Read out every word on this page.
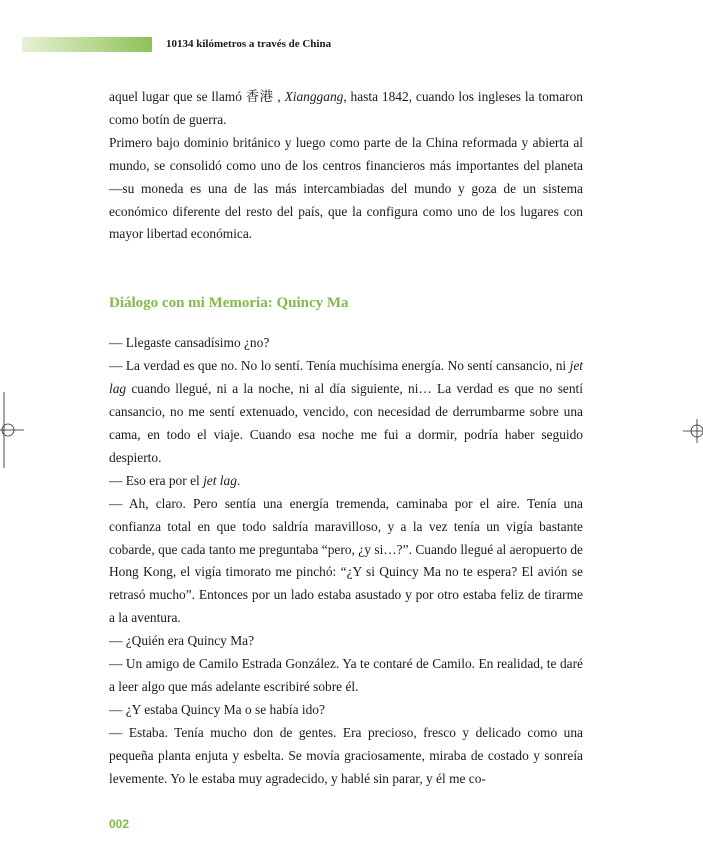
10134 kilómetros a través de China

aquel lugar que se llamó 香港 , Xianggang, hasta 1842, cuando los ingleses la tomaron como botín de guerra.

Primero bajo dominio británico y luego como parte de la China reformada y abierta al mundo, se consolidó como uno de los centros financieros más importantes del planeta —su moneda es una de las más intercambiadas del mundo y goza de un sistema económico diferente del resto del país, que la configura como uno de los lugares con mayor libertad económica.

Diálogo con mi Memoria: Quincy Ma

— Llegaste cansadísimo ¿no?

— La verdad es que no. No lo sentí. Tenía muchísima energía. No sentí cansancio, ni jet lag cuando llegué, ni a la noche, ni al día siguiente, ni… La verdad es que no sentí cansancio, no me sentí extenuado, vencido, con necesidad de derrumbarme sobre una cama, en todo el viaje. Cuando esa noche me fui a dormir, podría haber seguido despierto.

— Eso era por el jet lag.

— Ah, claro. Pero sentía una energía tremenda, caminaba por el aire. Tenía una confianza total en que todo saldría maravilloso, y a la vez tenía un vigía bastante cobarde, que cada tanto me preguntaba “pero, ¿y si…?”. Cuando llegué al aeropuerto de Hong Kong, el vigía timorato me pinchó: “¿Y si Quincy Ma no te espera? El avión se retrasó mucho”. Entonces por un lado estaba asustado y por otro estaba feliz de tirarme a la aventura.

— ¿Quién era Quincy Ma?

— Un amigo de Camilo Estrada González. Ya te contaré de Camilo. En realidad, te daré a leer algo que más adelante escribiré sobre él.

— ¿Y estaba Quincy Ma o se había ido?

— Estaba. Tenía mucho don de gentes. Era precioso, fresco y delicado como una pequeña planta enjuta y esbelta. Se movía graciosamente, miraba de costado y sonreía levemente. Yo le estaba muy agradecido, y hablé sin parar, y él me co-

002
